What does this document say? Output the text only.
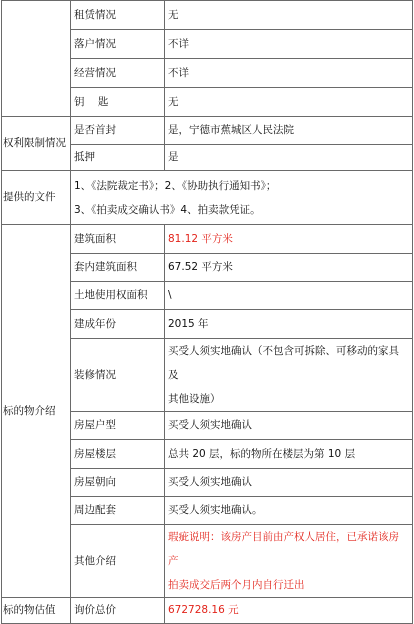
	租赁情况	无
	落户情况	不详
	经营情况	不详
	钥    匙	无
权利限制情况	是否首封	是，宁德市蕉城区人民法院
	抵押	是
提供的文件	1、《法院裁定书》；2、《协助执行通知书》；
3、《拍卖成交确认书》4、拍卖款凭证。	

标的物介绍	建筑面积	81.12 平方米
	套内建筑面积	67.52 平方米
	土地使用权面积	\
	建成年份	2015 年
	装修情况	买受人须实地确认（不包含可拆除、可移动的家具及
其他设施）

	房屋户型	买受人须实地确认
	房屋楼层	总共 20 层，标的物所在楼层为第 10 层
	房屋朝向	买受人须实地确认
	周边配套	买受人须实地确认。
	其他介绍	瑕疵说明：该房产目前由产权人居住，已承诺该房产
拍卖成交后两个月内自行迁出

标的物估值	询价总价	672728.16 元
